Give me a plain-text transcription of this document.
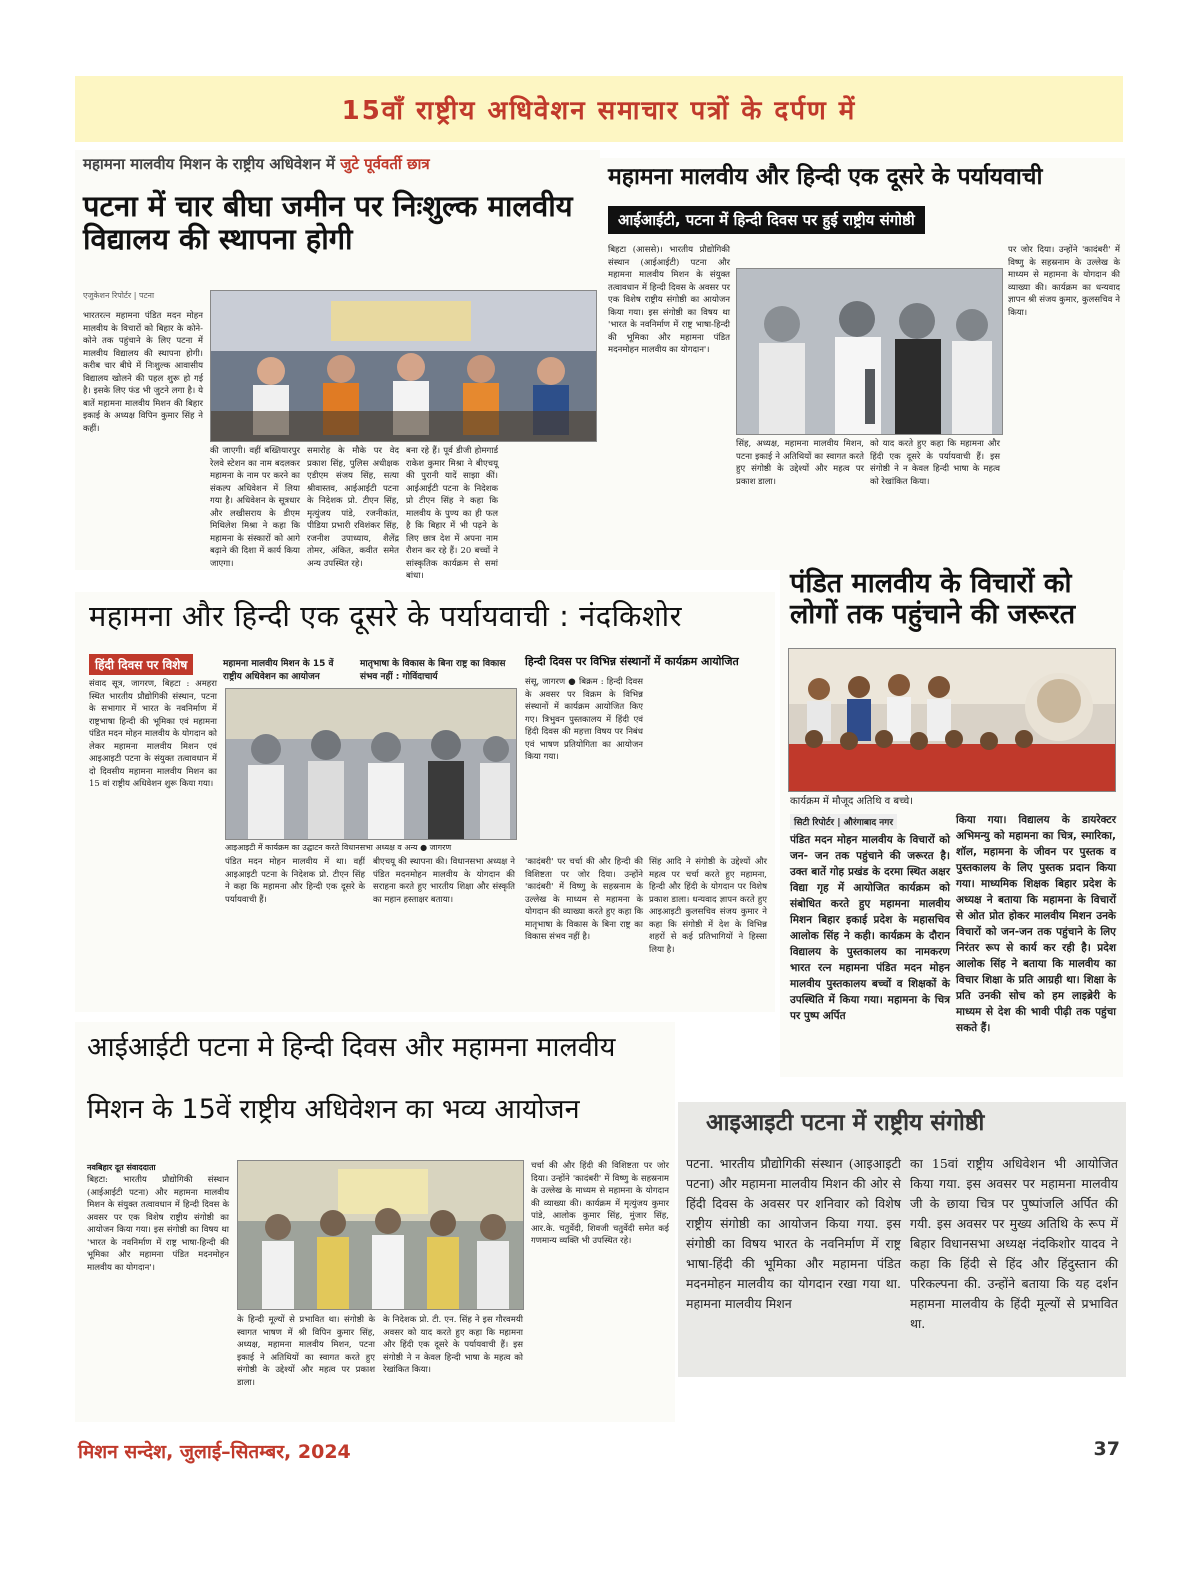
15वाँ राष्ट्रीय अधिवेशन समाचार पत्रों के दर्पण में
महामना मालवीय मिशन के राष्ट्रीय अधिवेशन में जुटे पूर्ववर्ती छात्र
पटना में चार बीघा जमीन पर निःशुल्क मालवीय विद्यालय की स्थापना होगी
एजुकेशन रिपोर्टर | पटना
भारतरत्न महामना पंडित मदन मोहन मालवीय के विचारों को बिहार के कोने-कोने तक पहुंचाने के लिए पटना में मालवीय विद्यालय की स्थापना होगी। करीब चार बीघे में निःशुल्क आवासीय विद्यालय खोलने की पहल शुरू हो गई है। इसके लिए फंड भी जुटने लगा है। ये बातें महामना मालवीय मिशन की बिहार इकाई के अध्यक्ष विपिन कुमार सिंह ने कहीं।
की जाएगी। वहीं बख्तियारपुर रेलवे स्टेशन का नाम बदलकर महामना के नाम पर करने का संकल्प अधिवेशन में लिया गया है। अधिवेशन के सूत्रधार और लखीसराय के डीएम मिथिलेश मिश्रा ने कहा कि महामना के संस्कारों को आगे बढ़ाने की दिशा में कार्य किया जाएगा।
समारोह के मौके पर वेद प्रकाश सिंह, पुलिस अधीक्षक एडीएम संजय सिंह, सत्या श्रीवास्तव, आईआईटी पटना के निदेशक प्रो. टीएन सिंह, मृत्युंजय पांडे, रजनीकांत, पीडिया प्रभारी रविशंकर सिंह, रजनीश उपाध्याय, शैलेंद्र तोमर, अंकित, कवीत समेत अन्य उपस्थित रहे।
बना रहे हैं। पूर्व डीजी होमगार्ड राकेश कुमार मिश्रा ने बीएचयू की पुरानी यादें साझा कीं। आईआईटी पटना के निदेशक प्रो टीएन सिंह ने कहा कि मालवीय के पुण्य का ही फल है कि बिहार में भी पढ़ने के लिए छात्र देश में अपना नाम रौशन कर रहे हैं। 20 बच्चों ने सांस्कृतिक कार्यक्रम से समां बांधा।
महामना मालवीय और हिन्दी एक दूसरे के पर्यायवाची
आईआईटी, पटना में हिन्दी दिवस पर हुई राष्ट्रीय संगोष्ठी
बिहटा (आससे)। भारतीय प्रौद्योगिकी संस्थान (आईआईटी) पटना और महामना मालवीय मिशन के संयुक्त तत्वावधान में हिन्दी दिवस के अवसर पर एक विशेष राष्ट्रीय संगोष्ठी का आयोजन किया गया। इस संगोष्ठी का विषय था 'भारत के नवनिर्माण में राष्ट्र भाषा-हिन्दी की भूमिका और महामना पंडित मदनमोहन मालवीय का योगदान'।
सिंह, अध्यक्ष, महामना मालवीय मिशन, पटना इकाई ने अतिथियों का स्वागत करते हुए संगोष्ठी के उद्देश्यों और महत्व पर प्रकाश डाला।
को याद करते हुए कहा कि महामना और हिंदी एक दूसरे के पर्यायवाची हैं। इस संगोष्ठी ने न केवल हिन्दी भाषा के महत्व को रेखांकित किया।
पर जोर दिया। उन्होंने 'कादंबरी' में विष्णु के सहस्रनाम के उल्लेख के माध्यम से महामना के योगदान की व्याख्या की। कार्यक्रम का धन्यवाद ज्ञापन श्री संजय कुमार, कुलसचिव ने किया।
महामना और हिन्दी एक दूसरे के पर्यायवाची : नंदकिशोर
हिंदी दिवस पर विशेष	महामना मालवीय मिशन के 15 वें राष्ट्रीय अधिवेशन का आयोजन
मातृभाषा के विकास के बिना राष्ट्र का विकास संभव नहीं : गोविंदाचार्य
संवाद सूत्र, जागरण, बिहटा : अमहरा स्थित भारतीय प्रौद्योगिकी संस्थान, पटना के सभागार में भारत के नवनिर्माण में राष्ट्रभाषा हिन्दी की भूमिका एवं महामना पंडित मदन मोहन मालवीय के योगदान को लेकर महामना मालवीय मिशन एवं आइआइटी पटना के संयुक्त तत्वावधान में दो दिवसीय महामना मालवीय मिशन का 15 वां राष्ट्रीय अधिवेशन शुरू किया गया।
आइआइटी में कार्यक्रम का उद्घाटन करते विधानसभा अध्यक्ष व अन्य ● जागरण
पंडित मदन मोहन मालवीय में था। वहीं आइआइटी पटना के निदेशक प्रो. टीएन सिंह ने कहा कि महामना और हिन्दी एक दूसरे के पर्यायवाची हैं।
बीएचयू की स्थापना की। विधानसभा अध्यक्ष ने पंडित मदनमोहन मालवीय के योगदान की सराहना करते हुए भारतीय शिक्षा और संस्कृति का महान हस्ताक्षर बताया।
हिन्दी दिवस पर विभिन्न संस्थानों में कार्यक्रम आयोजित
संसू, जागरण ● बिक्रम : हिन्दी दिवस के अवसर पर विक्रम के विभिन्न संस्थानों में कार्यक्रम आयोजित किए गए। त्रिभुवन पुस्तकालय में हिंदी एवं हिंदी दिवस की महत्ता विषय पर निबंध एवं भाषण प्रतियोगिता का आयोजन किया गया।
'कादंबरी' पर चर्चा की और हिन्दी की विशिष्टता पर जोर दिया। उन्होंने 'कादंबरी' में विष्णु के सहस्रनाम के उल्लेख के माध्यम से महामना के योगदान की व्याख्या करते हुए कहा कि मातृभाषा के विकास के बिना राष्ट्र का विकास संभव नहीं है।
सिंह आदि ने संगोष्ठी के उद्देश्यों और महत्व पर चर्चा करते हुए महामना, हिन्दी और हिंदी के योगदान पर विशेष प्रकाश डाला। धन्यवाद ज्ञापन करते हुए आइआइटी कुलसचिव संजय कुमार ने कहा कि संगोष्ठी में देश के विभिन्न शहरों से कई प्रतिभागियों ने हिस्सा लिया है।
पंडित मालवीय के विचारों को लोगों तक पहुंचाने की जरूरत
कार्यक्रम में मौजूद अतिथि व बच्चे।
सिटी रिपोर्टर | औरंगाबाद नगर
पंडित मदन मोहन मालवीय के विचारों को जन- जन तक पहुंचाने की जरूरत है। उक्त बातें गोह प्रखंड के दरमा स्थित अक्षर विद्या गृह में आयोजित कार्यक्रम को संबोधित करते हुए महामना मालवीय मिशन बिहार इकाई प्रदेश के महासचिव आलोक सिंह ने कही। कार्यक्रम के दौरान विद्यालय के पुस्तकालय का नामकरण भारत रत्न महामना पंडित मदन मोहन मालवीय पुस्तकालय बच्चों व शिक्षकों के उपस्थिति में किया गया। महामना के चित्र पर पुष्प अर्पित
किया गया। विद्यालय के डायरेक्टर अभिमन्यु को महामना का चित्र, स्मारिका, शॉल, महामना के जीवन पर पुस्तक व पुस्तकालय के लिए पुस्तक प्रदान किया गया। माध्यमिक शिक्षक बिहार प्रदेश के अध्यक्ष ने बताया कि महामना के विचारों से ओत प्रोत होकर मालवीय मिशन उनके विचारों को जन-जन तक पहुंचाने के लिए निरंतर रूप से कार्य कर रही है। प्रदेश आलोक सिंह ने बताया कि मालवीय का विचार शिक्षा के प्रति आग्रही था। शिक्षा के प्रति उनकी सोच को हम लाइब्रेरी के माध्यम से देश की भावी पीढ़ी तक पहुंचा सकते हैं।
आईआईटी पटना मे हिन्दी दिवस और महामना मालवीय
मिशन के 15वें राष्ट्रीय अधिवेशन का भव्य आयोजन
नवबिहार दूत संवाददाता
बिहटा: भारतीय प्रौद्योगिकी संस्थान (आईआईटी पटना) और महामना मालवीय मिशन के संयुक्त तत्वावधान में हिन्दी दिवस के अवसर पर एक विशेष राष्ट्रीय संगोष्ठी का आयोजन किया गया। इस संगोष्ठी का विषय था 'भारत के नवनिर्माण में राष्ट्र भाषा-हिन्दी की भूमिका और महामना पंडित मदनमोहन मालवीय का योगदान'।
के हिन्दी मूल्यों से प्रभावित था। संगोष्ठी के स्वागत भाषण में श्री विपिन कुमार सिंह, अध्यक्ष, महामना मालवीय मिशन, पटना इकाई ने अतिथियों का स्वागत करते हुए संगोष्ठी के उद्देश्यों और महत्व पर प्रकाश डाला।
के निदेशक प्रो. टी. एन. सिंह ने इस गौरवमयी अवसर को याद करते हुए कहा कि महामना और हिंदी एक दूसरे के पर्यायवाची हैं। इस संगोष्ठी ने न केवल हिन्दी भाषा के महत्व को रेखांकित किया।
चर्चा की और हिंदी की विशिष्टता पर जोर दिया। उन्होंने 'कादंबरी' में विष्णु के सहस्रनाम के उल्लेख के माध्यम से महामना के योगदान की व्याख्या की। कार्यक्रम में मृत्युंजय कुमार पांडे, आलोक कुमार सिंह, मुंजार सिंह, आर.के. चतुर्वेदी, शिवजी चतुर्वेदी समेत कई गणमान्य व्यक्ति भी उपस्थित रहे।
आइआइटी पटना में राष्ट्रीय संगोष्ठी
पटना. भारतीय प्रौद्योगिकी संस्थान (आइआइटी पटना) और महामना मालवीय मिशन की ओर से हिंदी दिवस के अवसर पर शनिवार को विशेष राष्ट्रीय संगोष्ठी का आयोजन किया गया. इस संगोष्ठी का विषय भारत के नवनिर्माण में राष्ट्र भाषा-हिंदी की भूमिका और महामना पंडित मदनमोहन मालवीय का योगदान रखा गया था. महामना मालवीय मिशन
का 15वां राष्ट्रीय अधिवेशन भी आयोजित किया गया. इस अवसर पर महामना मालवीय जी के छाया चित्र पर पुष्पांजलि अर्पित की गयी. इस अवसर पर मुख्य अतिथि के रूप में बिहार विधानसभा अध्यक्ष नंदकिशोर यादव ने कहा कि हिंदी से हिंद और हिंदुस्तान की परिकल्पना की. उन्होंने बताया कि यह दर्शन महामना मालवीय के हिंदी मूल्यों से प्रभावित था.
मिशन सन्देश, जुलाई–सितम्बर, 2024	37
